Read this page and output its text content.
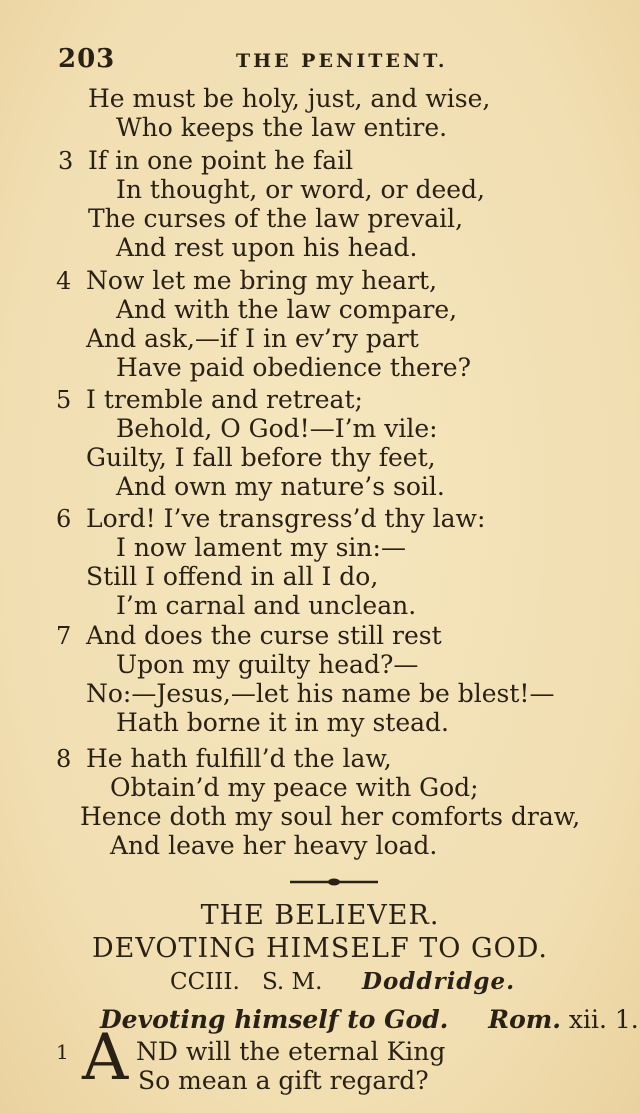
203	THE PENITENT.
He must be holy, just, and wise,
Who keeps the law entire.
3 If in one point he fail
In thought, or word, or deed,
The curses of the law prevail,
And rest upon his head.
4 Now let me bring my heart,
And with the law compare,
And ask,—if I in ev’ry part
Have paid obedience there?
5 I tremble and retreat;
Behold, O God!—I’m vile:
Guilty, I fall before thy feet,
And own my nature’s soil.
6 Lord! I’ve transgress’d thy law:
I now lament my sin:—
Still I offend in all I do,
I’m carnal and unclean.
7 And does the curse still rest
Upon my guilty head?—
No:—Jesus,—let his name be blest!—
Hath borne it in my stead.
8 He hath fulfill’d the law,
Obtain’d my peace with God;
Hence doth my soul her comforts draw,
And leave her heavy load.
THE BELIEVER.
DEVOTING HIMSELF TO GOD.
CCIII. S. M. Doddridge.
Devoting himself to God. Rom. xii. 1.
1 A ND will the eternal King
So mean a gift regard?
